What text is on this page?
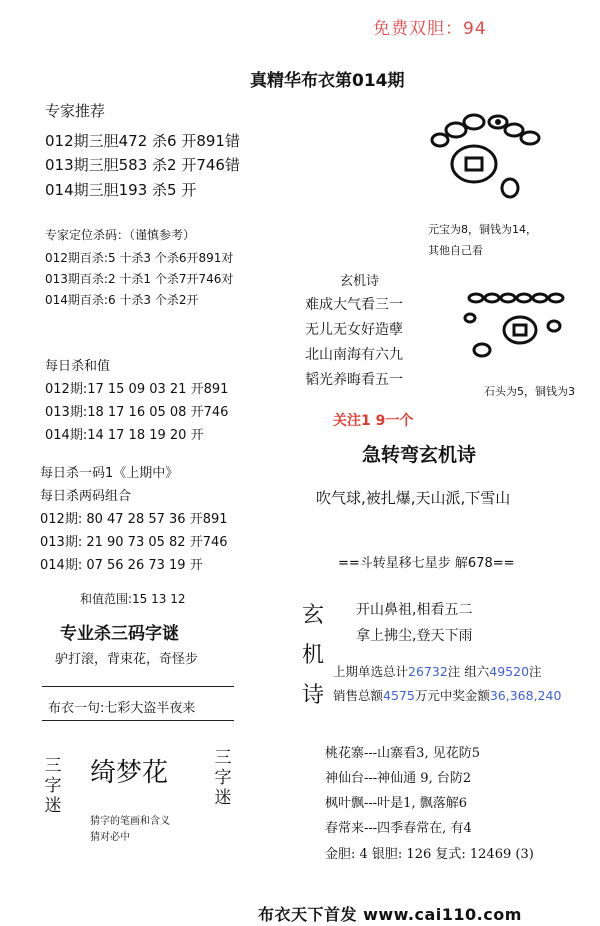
免费双胆：94
真精华布衣第014期
专家推荐
012期三胆472 杀6 开891错
013期三胆583 杀2 开746错
014期三胆193 杀5 开
专家定位杀码：（谨慎参考）
012期百杀:5 十杀3 个杀6开891对
013期百杀:2 十杀1 个杀7开746对
014期百杀:6 十杀3 个杀2开
每日杀和值
012期:17 15 09 03 21 开891
013期:18 17 16 05 08 开746
014期:14 17 18 19 20 开
每日杀一码1《上期中》
每日杀两码组合
012期: 80 47 28 57 36 开891
013期: 21 90 73 05 82 开746
014期: 07 56 26 73 19 开
和值范围:15 13 12
专业杀三码字谜
驴打滚，背束花，奇怪步
布衣一句:七彩大盗半夜来
三
字
迷
绮梦花	三
字
迷
猜字的笔画和含义
猜对必中
元宝为8，铜钱为14，
其他自己看
玄机诗
难成大气看三一
无儿无女好造孽
北山南海有六九
韬光养晦看五一
石头为5，铜钱为3
关注1 9一个
急转弯玄机诗
吹气球,被扎爆,天山派,下雪山
==斗转星移七星步 解678==
玄
机
诗
开山鼻祖,相看五二
拿上拂尘,登天下雨
上期单选总计26732注 组六49520注
销售总额4575万元中奖金额36,368,240
桃花寨---山寨看3, 见花防5
神仙台---神仙通 9, 台防2
枫叶飘---叶是1, 飘落解6
春常来---四季春常在, 有4
金胆: 4 银胆: 126 复式: 12469 (3)
布衣天下首发 www.cai110.com
